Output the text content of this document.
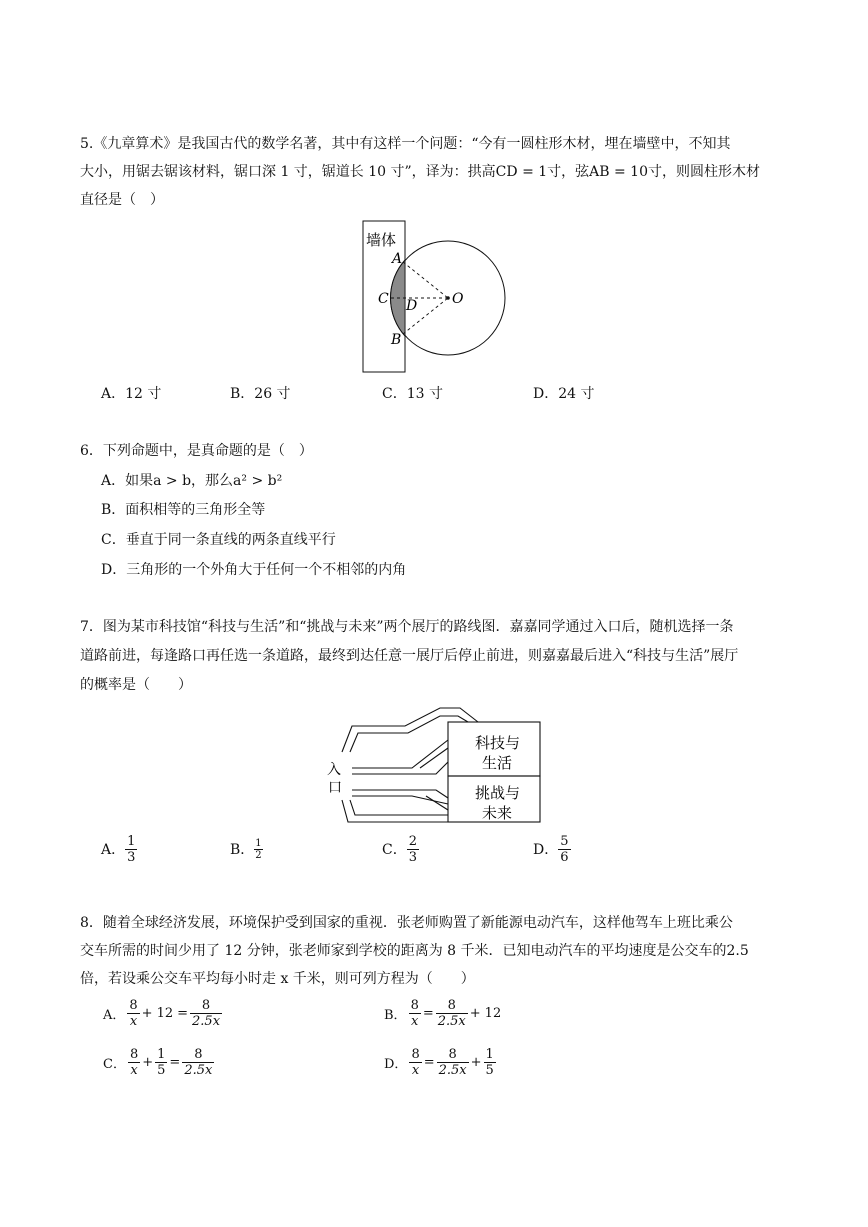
5.《九章算术》是我国古代的数学名著，其中有这样一个问题：“今有一圆柱形木材，埋在墙壁中，不知其
大小，用锯去锯该材料，锯口深 1 寸，锯道长 10 寸”，译为：拱高CD = 1寸，弦AB = 10寸，则圆柱形木材
直径是（　）
墙体
A
C D O
B
A．12 寸	B．26 寸	C．13 寸	D．24 寸
6．下列命题中，是真命题的是（　）
A．如果a > b，那么a² > b²
B．面积相等的三角形全等
C．垂直于同一条直线的两条直线平行
D．三角形的一个外角大于任何一个不相邻的内角
7．图为某市科技馆“科技与生活”和“挑战与未来”两个展厅的路线图．嘉嘉同学通过入口后，随机选择一条
道路前进，每逢路口再任选一条道路，最终到达任意一展厅后停止前进，则嘉嘉最后进入“科技与生活”展厅
的概率是（　　）
入
口
科技与
生活
挑战与
未来
A． $\frac{1}{3}$	B． $\frac{1}{2}$	C． $\frac{2}{3}$	D． $\frac{5}{6}$
8．随着全球经济发展，环境保护受到国家的重视．张老师购置了新能源电动汽车，这样他驾车上班比乘公
交车所需的时间少用了 12 分钟，张老师家到学校的距离为 8 千米．已知电动汽车的平均速度是公交车的2.5
倍，若设乘公交车平均每小时走 x 千米，则可列方程为（　　）
A． $\frac{8}{x} + 12 = \frac{8}{2.5x}$	B． $\frac{8}{x} = \frac{8}{2.5x} + 12$
C． $\frac{8}{x} + \frac{1}{5} = \frac{8}{2.5x}$	D． $\frac{8}{x} = \frac{8}{2.5x} + \frac{1}{5}$
